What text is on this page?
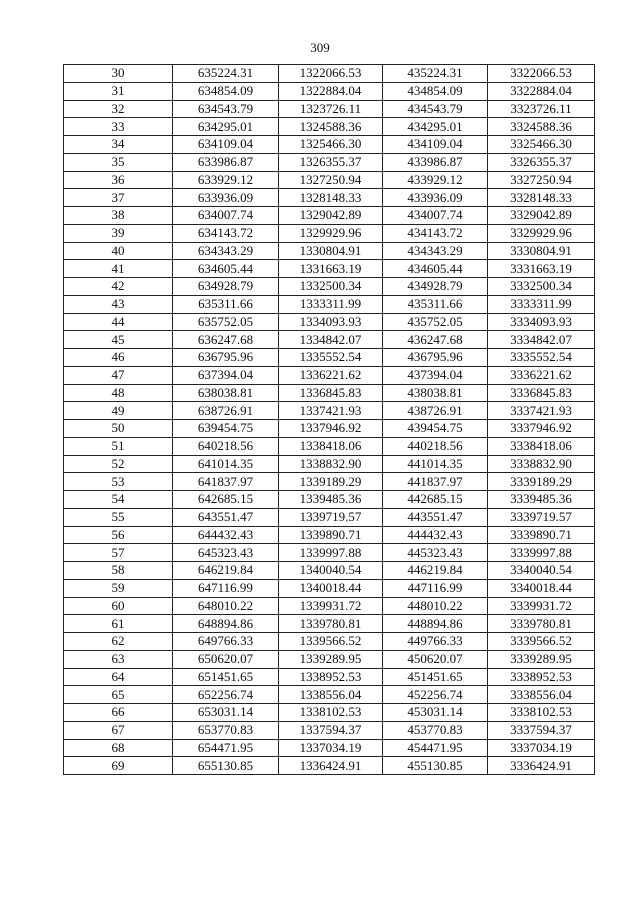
309
30	635224.31	1322066.53	435224.31	3322066.53
31	634854.09	1322884.04	434854.09	3322884.04
32	634543.79	1323726.11	434543.79	3323726.11
33	634295.01	1324588.36	434295.01	3324588.36
34	634109.04	1325466.30	434109.04	3325466.30
35	633986.87	1326355.37	433986.87	3326355.37
36	633929.12	1327250.94	433929.12	3327250.94
37	633936.09	1328148.33	433936.09	3328148.33
38	634007.74	1329042.89	434007.74	3329042.89
39	634143.72	1329929.96	434143.72	3329929.96
40	634343.29	1330804.91	434343.29	3330804.91
41	634605.44	1331663.19	434605.44	3331663.19
42	634928.79	1332500.34	434928.79	3332500.34
43	635311.66	1333311.99	435311.66	3333311.99
44	635752.05	1334093.93	435752.05	3334093.93
45	636247.68	1334842.07	436247.68	3334842.07
46	636795.96	1335552.54	436795.96	3335552.54
47	637394.04	1336221.62	437394.04	3336221.62
48	638038.81	1336845.83	438038.81	3336845.83
49	638726.91	1337421.93	438726.91	3337421.93
50	639454.75	1337946.92	439454.75	3337946.92
51	640218.56	1338418.06	440218.56	3338418.06
52	641014.35	1338832.90	441014.35	3338832.90
53	641837.97	1339189.29	441837.97	3339189.29
54	642685.15	1339485.36	442685.15	3339485.36
55	643551.47	1339719.57	443551.47	3339719.57
56	644432.43	1339890.71	444432.43	3339890.71
57	645323.43	1339997.88	445323.43	3339997.88
58	646219.84	1340040.54	446219.84	3340040.54
59	647116.99	1340018.44	447116.99	3340018.44
60	648010.22	1339931.72	448010.22	3339931.72
61	648894.86	1339780.81	448894.86	3339780.81
62	649766.33	1339566.52	449766.33	3339566.52
63	650620.07	1339289.95	450620.07	3339289.95
64	651451.65	1338952.53	451451.65	3338952.53
65	652256.74	1338556.04	452256.74	3338556.04
66	653031.14	1338102.53	453031.14	3338102.53
67	653770.83	1337594.37	453770.83	3337594.37
68	654471.95	1337034.19	454471.95	3337034.19
69	655130.85	1336424.91	455130.85	3336424.91
